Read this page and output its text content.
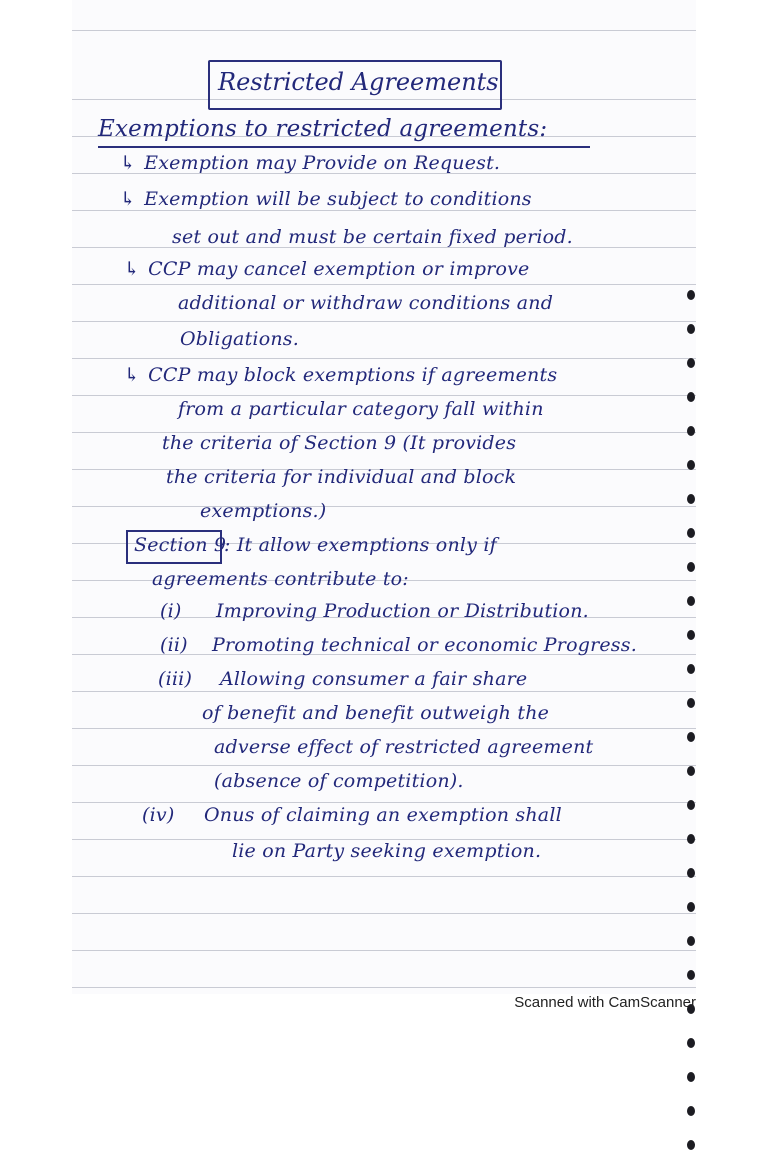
Restricted Agreements
Exemptions to restricted agreements:
↳ Exemption may Provide on Request.
↳ Exemption will be subject to conditions
set out and must be certain fixed period.
↳ CCP may cancel exemption or improve
additional or withdraw conditions and
Obligations.
↳ CCP may block exemptions if agreements
from a particular category fall within
the criteria of Section 9 (It provides
the criteria for individual and block
exemptions.)
Section 9
: It allow exemptions only if
agreements contribute to:
(i) Improving Production or Distribution.
(ii) Promoting technical or economic Progress.
(iii) Allowing consumer a fair share
of benefit and benefit outweigh the
adverse effect of restricted agreement
(absence of competition).
(iv) Onus of claiming an exemption shall
lie on Party seeking exemption.
Scanned with CamScanner
